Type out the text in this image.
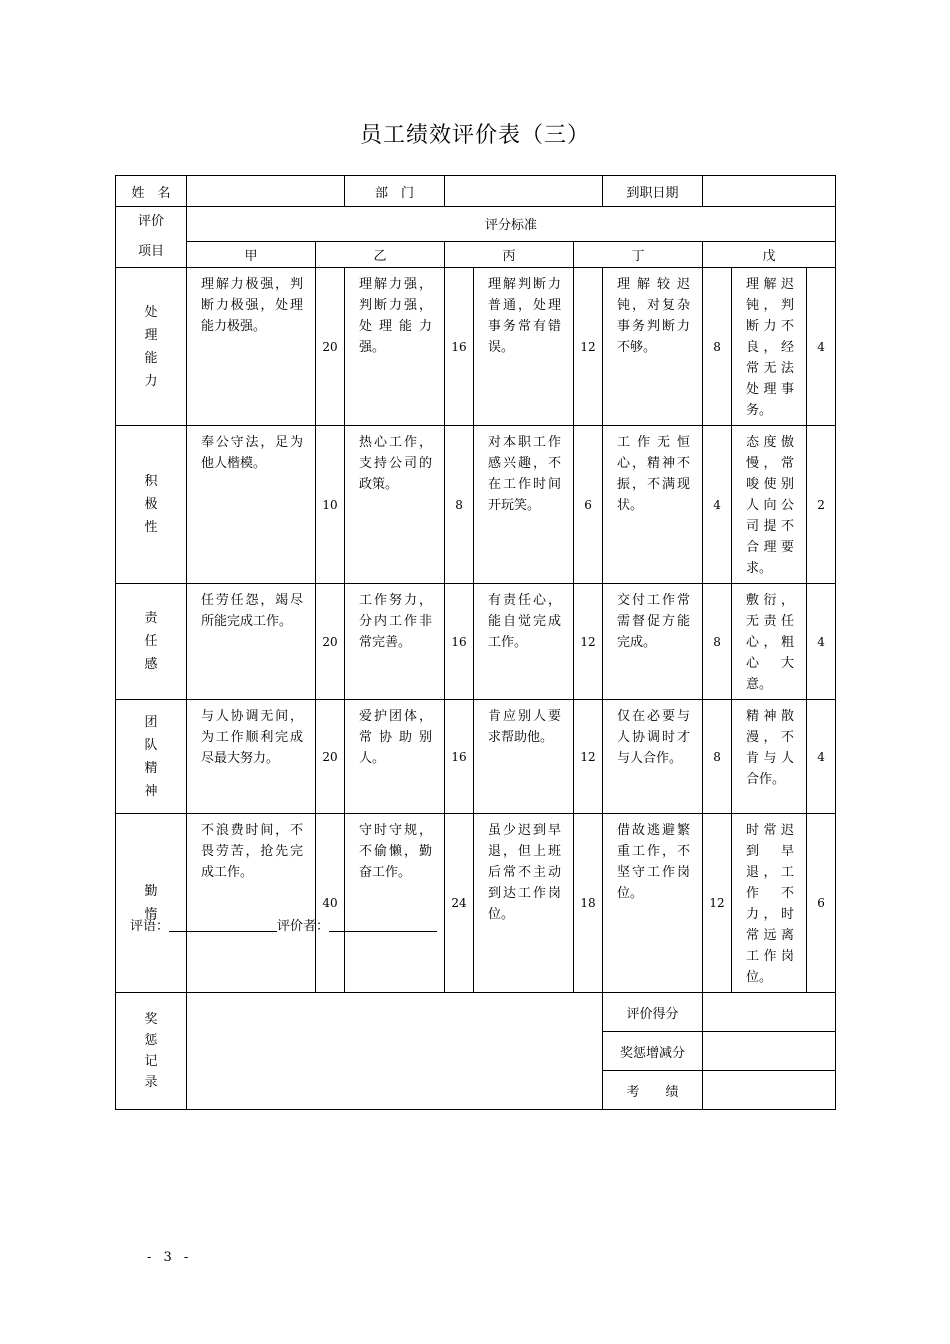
员工绩效评价表（三）
姓　名			部　门				到职日期			

评价
项目	评分标准									
	甲	乙		丙		丁		戊		

处
理
能
力	理解力极强，判断力极强，处理能力极强。	20	理解力强，判断力强，处理能力强。	16	理解判断力普通，处理事务常有错误。	12	理解较迟钝，对复杂事务判断力不够。	8	理解迟钝，判断力不良，经常无法处理事务。	4

积
极
性	奉公守法，足为他人楷模。	10	热心工作，支持公司的政策。	8	对本职工作感兴趣，不在工作时间开玩笑。	6	工作无恒心，精神不振，不满现状。	4	态度傲慢，常唆使别人向公司提不合理要求。	2

责
任
感	任劳任怨，竭尽所能完成工作。	20	工作努力，分内工作非常完善。	16	有责任心，能自觉完成工作。	12	交付工作常需督促方能完成。	8	敷衍，无责任心，粗心大意。	4

团
队
精
神	与人协调无间，为工作顺利完成尽最大努力。	20	爱护团体，常协助别人。	16	肯应别人要求帮助他。	12	仅在必要与人协调时才与人合作。	8	精神散漫，不肯与人合作。	4

勤
惰	不浪费时间，不畏劳苦，抢先完成工作。	40	守时守规，不偷懒，勤奋工作。	24	虽少迟到早退，但上班后常不主动到达工作岗位。	18	借故逃避繁重工作，不坚守工作岗位。	12	时常迟到早退，工作不力，时常远离工作岗位。	6

奖
惩
记
录							评价得分			
							奖惩增减分			
							考　　绩			
评语：	评价者：
- 3 -
